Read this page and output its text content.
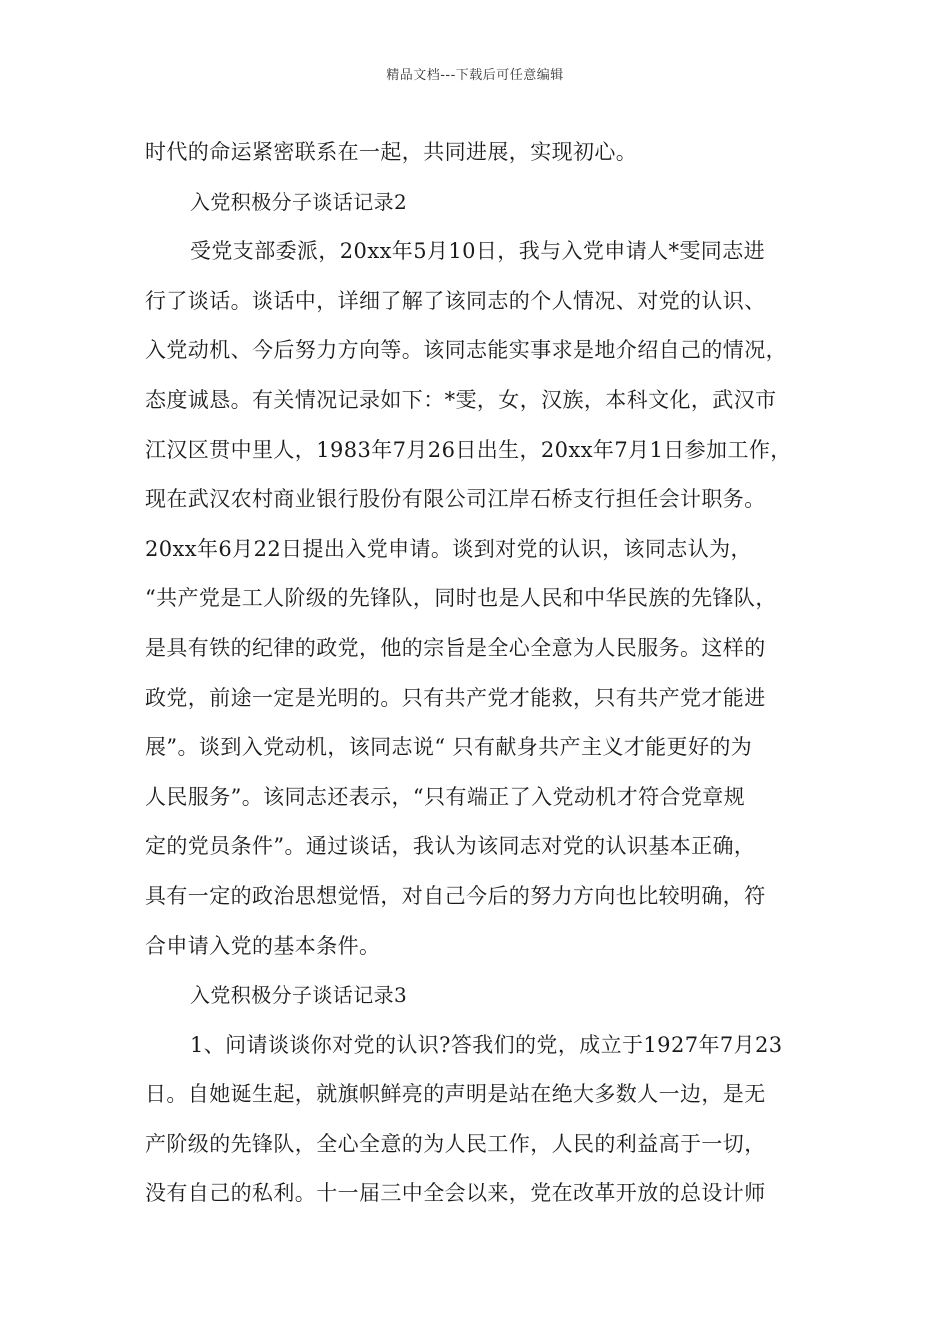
精品文档---下载后可任意编辑
时代的命运紧密联系在一起，共同进展，实现初心。
入党积极分子谈话记录2
受党支部委派，20xx年5月10日，我与入党申请人*雯同志进
行了谈话。谈话中，详细了解了该同志的个人情况、对党的认识、
入党动机、今后努力方向等。该同志能实事求是地介绍自己的情况，
态度诚恳。有关情况记录如下：*雯，女，汉族，本科文化，武汉市
江汉区贯中里人，1983年7月26日出生，20xx年7月1日参加工作，
现在武汉农村商业银行股份有限公司江岸石桥支行担任会计职务。
20xx年6月22日提出入党申请。谈到对党的认识，该同志认为，
“共产党是工人阶级的先锋队，同时也是人民和中华民族的先锋队，
是具有铁的纪律的政党，他的宗旨是全心全意为人民服务。这样的
政党，前途一定是光明的。只有共产党才能救，只有共产党才能进
展”。谈到入党动机，该同志说“ 只有献身共产主义才能更好的为
人民服务”。该同志还表示，“只有端正了入党动机才符合党章规
定的党员条件”。通过谈话，我认为该同志对党的认识基本正确，
具有一定的政治思想觉悟，对自己今后的努力方向也比较明确，符
合申请入党的基本条件。
入党积极分子谈话记录3
1、问请谈谈你对党的认识?答我们的党，成立于1927年7月23
日。自她诞生起，就旗帜鲜亮的声明是站在绝大多数人一边，是无
产阶级的先锋队，全心全意的为人民工作，人民的利益高于一切，
没有自己的私利。十一届三中全会以来，党在改革开放的总设计师
